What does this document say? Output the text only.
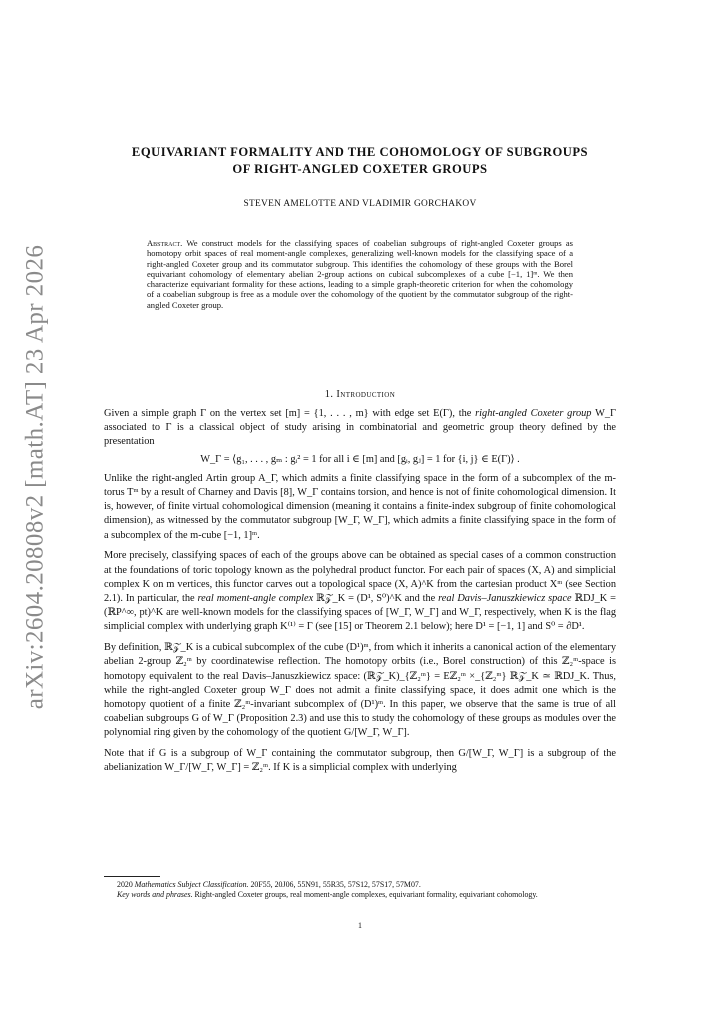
arXiv:2604.20808v2 [math.AT] 23 Apr 2026
EQUIVARIANT FORMALITY AND THE COHOMOLOGY OF SUBGROUPS
OF RIGHT-ANGLED COXETER GROUPS
STEVEN AMELOTTE AND VLADIMIR GORCHAKOV
Abstract. We construct models for the classifying spaces of coabelian subgroups of right-angled Coxeter groups as homotopy orbit spaces of real moment-angle complexes, generalizing well-known models for the classifying space of a right-angled Coxeter group and its commutator subgroup. This identifies the cohomology of these groups with the Borel equivariant cohomology of elementary abelian 2-group actions on cubical subcomplexes of a cube [−1, 1]ᵐ. We then characterize equivariant formality for these actions, leading to a simple graph-theoretic criterion for when the cohomology of a coabelian subgroup is free as a module over the cohomology of the quotient by the commutator subgroup of the right-angled Coxeter group.
1. Introduction

Given a simple graph Γ on the vertex set [m] = {1, . . . , m} with edge set E(Γ), the right-angled Coxeter group W_Γ associated to Γ is a classical object of study arising in combinatorial and geometric group theory defined by the presentation

W_Γ = ⟨g₁, . . . , gₘ : gᵢ² = 1 for all i ∈ [m] and [gᵢ, gⱼ] = 1 for {i, j} ∈ E(Γ)⟩ .

Unlike the right-angled Artin group A_Γ, which admits a finite classifying space in the form of a subcomplex of the m-torus Tᵐ by a result of Charney and Davis [8], W_Γ contains torsion, and hence is not of finite cohomological dimension. It is, however, of finite virtual cohomological dimension (meaning it contains a finite-index subgroup of finite cohomological dimension), as witnessed by the commutator subgroup [W_Γ, W_Γ], which admits a finite classifying space in the form of a subcomplex of the m-cube [−1, 1]ᵐ.

More precisely, classifying spaces of each of the groups above can be obtained as special cases of a common construction at the foundations of toric topology known as the polyhedral product functor. For each pair of spaces (X, A) and simplicial complex K on m vertices, this functor carves out a topological space (X, A)^K from the cartesian product Xᵐ (see Section 2.1). In particular, the real moment-angle complex ℝ𝒵_K = (D¹, S⁰)^K and the real Davis–Januszkiewicz space ℝDJ_K = (ℝP^∞, pt)^K are well-known models for the classifying spaces of [W_Γ, W_Γ] and W_Γ, respectively, when K is the flag simplicial complex with underlying graph K⁽¹⁾ = Γ (see [15] or Theorem 2.1 below); here D¹ = [−1, 1] and S⁰ = ∂D¹.

By definition, ℝ𝒵_K is a cubical subcomplex of the cube (D¹)ᵐ, from which it inherits a canonical action of the elementary abelian 2-group ℤ₂ᵐ by coordinatewise reflection. The homotopy orbits (i.e., Borel construction) of this ℤ₂ᵐ-space is homotopy equivalent to the real Davis–Januszkiewicz space: (ℝ𝒵_K)_{ℤ₂ᵐ} = Eℤ₂ᵐ ×_{ℤ₂ᵐ} ℝ𝒵_K ≃ ℝDJ_K. Thus, while the right-angled Coxeter group W_Γ does not admit a finite classifying space, it does admit one which is the homotopy quotient of a finite ℤ₂ᵐ-invariant subcomplex of (D¹)ᵐ. In this paper, we observe that the same is true of all coabelian subgroups G of W_Γ (Proposition 2.3) and use this to study the cohomology of these groups as modules over the polynomial ring given by the cohomology of the quotient G/[W_Γ, W_Γ].

Note that if G is a subgroup of W_Γ containing the commutator subgroup, then G/[W_Γ, W_Γ] is a subgroup of the abelianization W_Γ/[W_Γ, W_Γ] = ℤ₂ᵐ. If K is a simplicial complex with underlying

2020 Mathematics Subject Classification. 20F55, 20J06, 55N91, 55R35, 57S12, 57S17, 57M07.

Key words and phrases. Right-angled Coxeter groups, real moment-angle complexes, equivariant formality, equivariant cohomology.

1
